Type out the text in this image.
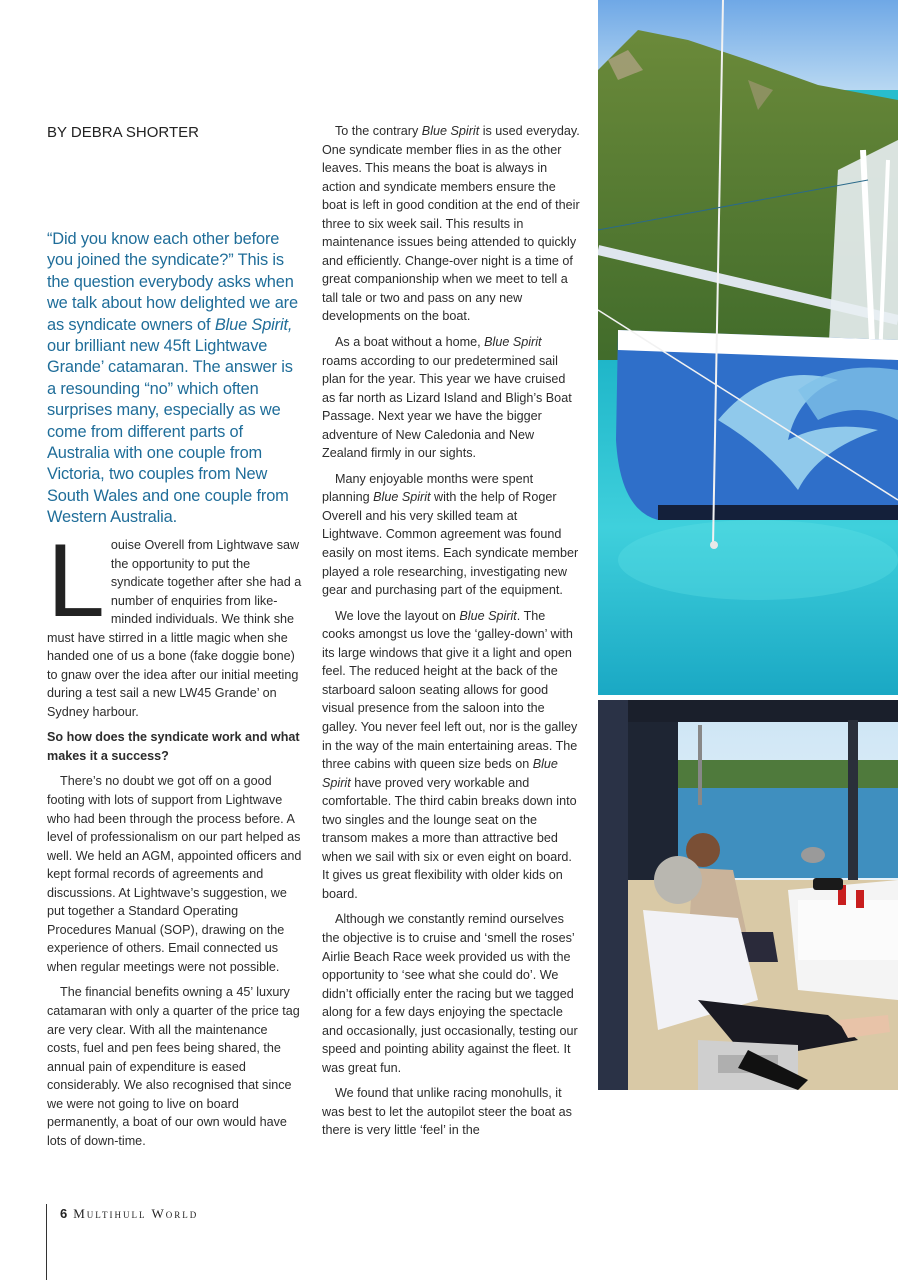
BY DEBRA SHORTER
“Did you know each other before you joined the syndicate?” This is the question everybody asks when we talk about how delighted we are as syndicate owners of Blue Spirit, our brilliant new 45ft Lightwave Grande’ catamaran. The answer is a resounding “no” which often surprises many, especially as we come from different parts of Australia with one couple from Victoria, two couples from New South Wales and one couple from Western Australia.

Louise Overell from Lightwave saw the opportunity to put the syndicate together after she had a number of enquiries from like-minded individuals. We think she must have stirred in a little magic when she handed one of us a bone (fake doggie bone) to gnaw over the idea after our initial meeting during a test sail a new LW45 Grande’ on Sydney harbour.

So how does the syndicate work and what makes it a success?

There’s no doubt we got off on a good footing with lots of support from Lightwave who had been through the process before. A level of professionalism on our part helped as well. We held an AGM, appointed officers and kept formal records of agreements and discussions. At Lightwave’s suggestion, we put together a Standard Operating Procedures Manual (SOP), drawing on the experience of others. Email connected us when regular meetings were not possible.

The financial benefits owning a 45’ luxury catamaran with only a quarter of the price tag are very clear. With all the maintenance costs, fuel and pen fees being shared, the annual pain of expenditure is eased considerably. We also recognised that since we were not going to live on board permanently, a boat of our own would have lots of down-time.

To the contrary Blue Spirit is used everyday. One syndicate member flies in as the other leaves. This means the boat is always in action and syndicate members ensure the boat is left in good condition at the end of their three to six week sail. This results in maintenance issues being attended to quickly and efficiently. Change-over night is a time of great companionship when we meet to tell a tall tale or two and pass on any new developments on the boat.

As a boat without a home, Blue Spirit roams according to our predetermined sail plan for the year. This year we have cruised as far north as Lizard Island and Bligh’s Boat Passage. Next year we have the bigger adventure of New Caledonia and New Zealand firmly in our sights.

Many enjoyable months were spent planning Blue Spirit with the help of Roger Overell and his very skilled team at Lightwave. Common agreement was found easily on most items. Each syndicate member played a role researching, investigating new gear and purchasing part of the equipment.

We love the layout on Blue Spirit. The cooks amongst us love the ‘galley-down’ with its large windows that give it a light and open feel. The reduced height at the back of the starboard saloon seating allows for good visual presence from the saloon into the galley. You never feel left out, nor is the galley in the way of the main entertaining areas. The three cabins with queen size beds on Blue Spirit have proved very workable and comfortable. The third cabin breaks down into two singles and the lounge seat on the transom makes a more than attractive bed when we sail with six or even eight on board. It gives us great flexibility with older kids on board.

Although we constantly remind ourselves the objective is to cruise and ‘smell the roses’ Airlie Beach Race week provided us with the opportunity to ‘see what she could do’. We didn’t officially enter the racing but we tagged along for a few days enjoying the spectacle and occasionally, just occasionally, testing our speed and pointing ability against the fleet. It was great fun.

We found that unlike racing monohulls, it was best to let the autopilot steer the boat as there is very little ‘feel’ in the

6 Multihull World
